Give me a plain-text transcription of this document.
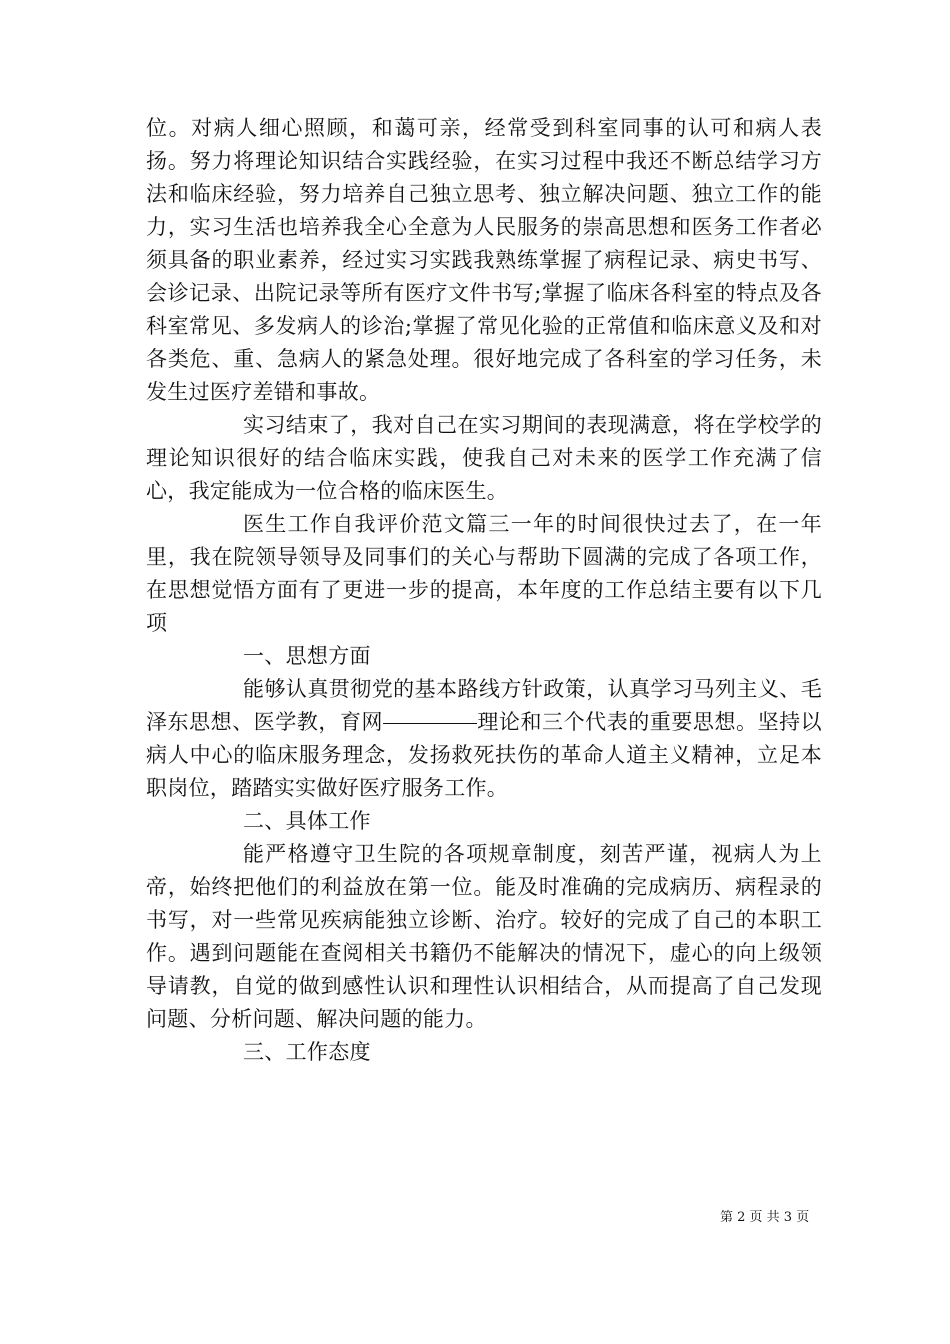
位。对病人细心照顾，和蔼可亲，经常受到科室同事的认可和病人表扬。努力将理论知识结合实践经验，在实习过程中我还不断总结学习方法和临床经验，努力培养自己独立思考、独立解决问题、独立工作的能力，实习生活也培养我全心全意为人民服务的崇高思想和医务工作者必须具备的职业素养，经过实习实践我熟练掌握了病程记录、病史书写、会诊记录、出院记录等所有医疗文件书写;掌握了临床各科室的特点及各科室常见、多发病人的诊治;掌握了常见化验的正常值和临床意义及和对各类危、重、急病人的紧急处理。很好地完成了各科室的学习任务，未发生过医疗差错和事故。

实习结束了，我对自己在实习期间的表现满意，将在学校学的理论知识很好的结合临床实践，使我自己对未来的医学工作充满了信心，我定能成为一位合格的临床医生。

医生工作自我评价范文篇三一年的时间很快过去了，在一年里，我在院领导领导及同事们的关心与帮助下圆满的完成了各项工作，在思想觉悟方面有了更进一步的提高，本年度的工作总结主要有以下几项

一、思想方面

能够认真贯彻党的基本路线方针政策，认真学习马列主义、毛泽东思想、医学教，育网	理论和三个代表的重要思想。坚持以病人中心的临床服务理念，发扬救死扶伤的革命人道主义精神，立足本职岗位，踏踏实实做好医疗服务工作。

二、具体工作

能严格遵守卫生院的各项规章制度，刻苦严谨，视病人为上帝，始终把他们的利益放在第一位。能及时准确的完成病历、病程录的书写，对一些常见疾病能独立诊断、治疗。较好的完成了自己的本职工作。遇到问题能在查阅相关书籍仍不能解决的情况下，虚心的向上级领导请教，自觉的做到感性认识和理性认识相结合，从而提高了自己发现问题、分析问题、解决问题的能力。

三、工作态度

第 2 页 共 3 页
